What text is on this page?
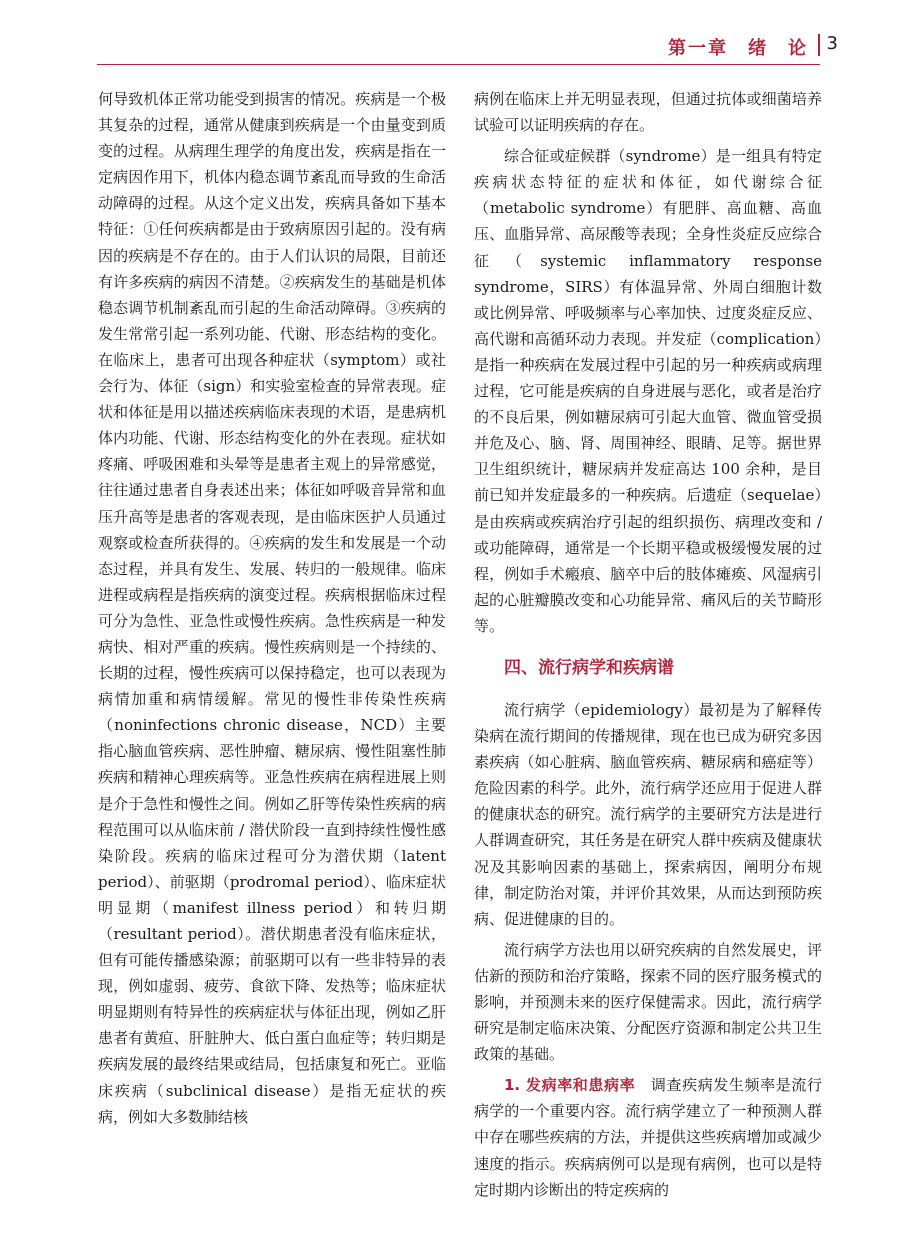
第一章　绪　论 3

何导致机体正常功能受到损害的情况。疾病是一个极其复杂的过程，通常从健康到疾病是一个由量变到质变的过程。从病理生理学的角度出发，疾病是指在一定病因作用下，机体内稳态调节紊乱而导致的生命活动障碍的过程。从这个定义出发，疾病具备如下基本特征：①任何疾病都是由于致病原因引起的。没有病因的疾病是不存在的。由于人们认识的局限，目前还有许多疾病的病因不清楚。②疾病发生的基础是机体稳态调节机制紊乱而引起的生命活动障碍。③疾病的发生常常引起一系列功能、代谢、形态结构的变化。在临床上，患者可出现各种症状（symptom）或社会行为、体征（sign）和实验室检查的异常表现。症状和体征是用以描述疾病临床表现的术语，是患病机体内功能、代谢、形态结构变化的外在表现。症状如疼痛、呼吸困难和头晕等是患者主观上的异常感觉，往往通过患者自身表述出来；体征如呼吸音异常和血压升高等是患者的客观表现，是由临床医护人员通过观察或检查所获得的。④疾病的发生和发展是一个动态过程，并具有发生、发展、转归的一般规律。临床进程或病程是指疾病的演变过程。疾病根据临床过程可分为急性、亚急性或慢性疾病。急性疾病是一种发病快、相对严重的疾病。慢性疾病则是一个持续的、长期的过程，慢性疾病可以保持稳定，也可以表现为病情加重和病情缓解。常见的慢性非传染性疾病（noninfections chronic disease，NCD）主要指心脑血管疾病、恶性肿瘤、糖尿病、慢性阻塞性肺疾病和精神心理疾病等。亚急性疾病在病程进展上则是介于急性和慢性之间。例如乙肝等传染性疾病的病程范围可以从临床前 / 潜伏阶段一直到持续性慢性感染阶段。疾病的临床过程可分为潜伏期（latent period）、前驱期（prodromal period）、临床症状明显期（manifest illness period）和转归期（resultant period）。潜伏期患者没有临床症状，但有可能传播感染源；前驱期可以有一些非特异的表现，例如虚弱、疲劳、食欲下降、发热等；临床症状明显期则有特异性的疾病症状与体征出现，例如乙肝患者有黄疸、肝脏肿大、低白蛋白血症等；转归期是疾病发展的最终结果或结局，包括康复和死亡。亚临床疾病（subclinical disease）是指无症状的疾病，例如大多数肺结核

病例在临床上并无明显表现，但通过抗体或细菌培养试验可以证明疾病的存在。

综合征或症候群（syndrome）是一组具有特定疾病状态特征的症状和体征，如代谢综合征（metabolic syndrome）有肥胖、高血糖、高血压、血脂异常、高尿酸等表现；全身性炎症反应综合征（systemic inflammatory response syndrome，SIRS）有体温异常、外周白细胞计数或比例异常、呼吸频率与心率加快、过度炎症反应、高代谢和高循环动力表现。并发症（complication）是指一种疾病在发展过程中引起的另一种疾病或病理过程，它可能是疾病的自身进展与恶化，或者是治疗的不良后果，例如糖尿病可引起大血管、微血管受损并危及心、脑、肾、周围神经、眼睛、足等。据世界卫生组织统计，糖尿病并发症高达 100 余种，是目前已知并发症最多的一种疾病。后遗症（sequelae）是由疾病或疾病治疗引起的组织损伤、病理改变和 / 或功能障碍，通常是一个长期平稳或极缓慢发展的过程，例如手术瘢痕、脑卒中后的肢体瘫痪、风湿病引起的心脏瓣膜改变和心功能异常、痛风后的关节畸形等。

四、流行病学和疾病谱

流行病学（epidemiology）最初是为了解释传染病在流行期间的传播规律，现在也已成为研究多因素疾病（如心脏病、脑血管疾病、糖尿病和癌症等）危险因素的科学。此外，流行病学还应用于促进人群的健康状态的研究。流行病学的主要研究方法是进行人群调查研究，其任务是在研究人群中疾病及健康状况及其影响因素的基础上，探索病因，阐明分布规律，制定防治对策，并评价其效果，从而达到预防疾病、促进健康的目的。

流行病学方法也用以研究疾病的自然发展史，评估新的预防和治疗策略，探索不同的医疗服务模式的影响，并预测未来的医疗保健需求。因此，流行病学研究是制定临床决策、分配医疗资源和制定公共卫生政策的基础。

1. 发病率和患病率　 调查疾病发生频率是流行病学的一个重要内容。流行病学建立了一种预测人群中存在哪些疾病的方法，并提供这些疾病增加或减少速度的指示。疾病病例可以是现有病例，也可以是特定时期内诊断出的特定疾病的
